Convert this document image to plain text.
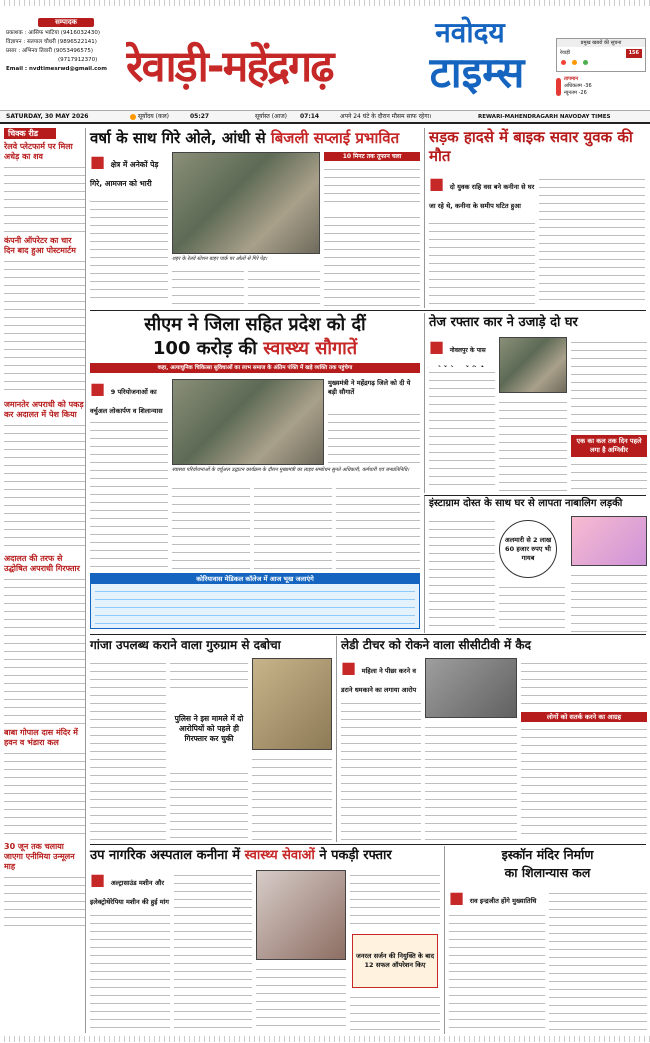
सम्पादक
प्रकाशक : आसिफ भाटिया (9416032430)
विज्ञापन : सतपाल चौधरी (9896522141)
प्रसार : अभिनव तिवारी (9053496575)
(9717912370)
Email : nvdtimesrwd@gmail.com रेवाड़ी-महेंद्रगढ़
नवोदय
टाइम्स
प्रमुख खबरों की सूचना
रेवाड़ी	156
तापमान
अधिकतम -36
न्यूनतम -26
SATURDAY, 30 MAY 2026	सूर्योदय (कल)	05:27	सूर्यास्त (आज) 07:14	अपने 24 घंटे के दौरान मौसम साफ रहेगा।	REWARI-MAHENDRAGARH NAVODAY TIMES
चिक्क रीड
रेलवे प्लेटफार्म पर मिला अधेड़ का शव
कंपनी ऑपरेटर का चार दिन बाद हुआ पोस्टमार्टम
जमानतेर अपराधी को पकड़ कर अदालत में पेश किया
अदालत की तरफ से उद्घोषित अपराधी गिरफ्तार
बाबा गोपाल दास मंदिर में हवन व भंडारा कल
30 जून तक चलाया जाएगा एनीमिया उन्मूलन माह
वर्षा के साथ गिरे ओले, आंधी से बिजली सप्लाई प्रभावित
■ क्षेत्र में अनेकों पेड़ गिरे, आमजन को भारी
शहर के रेलवे स्टेशन बाहर पार्क पर ओलों से गिरे पेड़।
10 मिनट तक तूफान चला
सड़क हादसे में बाइक सवार युवक की मौत
■ दो युवक राहि वस बने कनीना से घर जा रहे थे, कनीना के समीप घटित हुआ
सीएम ने जिला सहित प्रदेश को दीं
100 करोड़ की स्वास्थ्य सौगातें
कहा, अत्याधुनिक चिकित्सा सुविधाओं का लाभ समाज के अंतिम पंक्ति में खड़े व्यक्ति तक पहुंचेगा
■ 9 परियोजनाओं का वर्चुअल लोकार्पण व शिलान्यास
स्वास्थ्य परियोजनाओं के वर्चुअल उद्घाटन कार्यक्रम के दौरान मुख्यमंत्री का लाइव सम्बोधन सुनते अधिकारी, कर्मचारी एवं जनप्रतिनिधि।
मुख्यमंत्री ने महेंद्रगढ़ जिले को दी ये बड़ी सौगातें
कोरियावास मेडिकल कॉलेज में आज भूख जलाएंगे
तेज रफ्तार कार ने उजाड़े दो घर
■ नोवलपुर के पास
एक का कल तक दिन पहले लगा है अग्निवीर
इंस्टाग्राम दोस्त के साथ घर से लापता नाबालिग लड़की
अलमारी से 2 लाख 60 हजार रुपए भी गायब
गांजा उपलब्ध कराने वाला गुरुग्राम से दबोचा
पुलिस ने इस मामले में दो आरोपियों को पहले ही गिरफ्तार कर चुकी
लेडी टीचर को रोकने वाला सीसीटीवी में कैद
■ महिला ने पीछा करने व डराने धमकाने का लगाया आरोप
लोगों को सतर्क करने का आग्रह
उप नागरिक अस्पताल कनीना में स्वास्थ्य सेवाओं ने पकड़ी रफ्तार
■ अल्ट्रासाउंड मशीन और इलेक्ट्रोथेरेपिया मशीन की हुई मांग
जनरल सर्जन की नियुक्ति के बाद 12 सफल ऑपरेशन किए
इस्कॉन मंदिर निर्माण
का शिलान्यास कल
■ राव इन्द्रजीत होंगे मुख्यातिथि
